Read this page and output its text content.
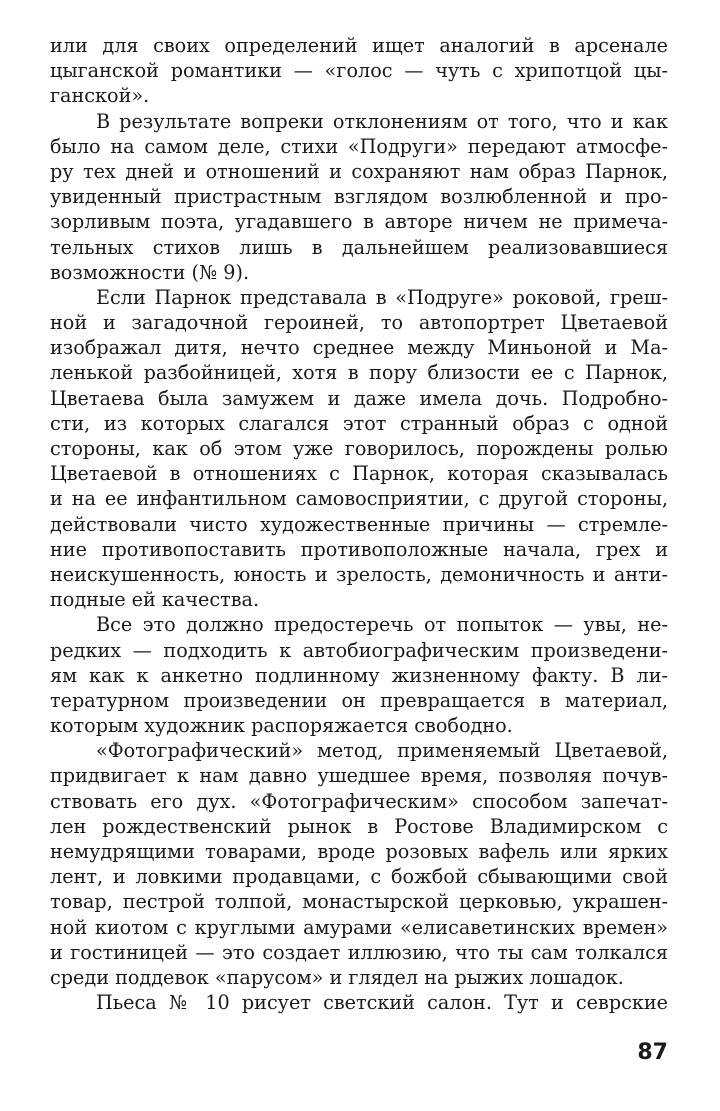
или для своих определений ищет аналогий в арсенале
цыганской романтики — «голос — чуть с хрипотцой цы-
ганской».
В результате вопреки отклонениям от того, что и как
было на самом деле, стихи «Подруги» передают атмосфе-
ру тех дней и отношений и сохраняют нам образ Парнок,
увиденный пристрастным взглядом возлюбленной и про-
зорливым поэта, угадавшего в авторе ничем не примеча-
тельных стихов лишь в дальнейшем реализовавшиеся
возможности (№ 9).
Если Парнок представала в «Подруге» роковой, греш-
ной и загадочной героиней, то автопортрет Цветаевой
изображал дитя, нечто среднее между Миньоной и Ма-
ленькой разбойницей, хотя в пору близости ее с Парнок,
Цветаева была замужем и даже имела дочь. Подробно-
сти, из которых слагался этот странный образ с одной
стороны, как об этом уже говорилось, порождены ролью
Цветаевой в отношениях с Парнок, которая сказывалась
и на ее инфантильном самовосприятии, с другой стороны,
действовали чисто художественные причины — стремле-
ние противопоставить противоположные начала, грех и
неискушенность, юность и зрелость, демоничность и анти-
подные ей качества.
Все это должно предостеречь от попыток — увы, не-
редких — подходить к автобиографическим произведени-
ям как к анкетно подлинному жизненному факту. В ли-
тературном произведении он превращается в материал,
которым художник распоряжается свободно.
«Фотографический» метод, применяемый Цветаевой,
придвигает к нам давно ушедшее время, позволяя почув-
ствовать его дух. «Фотографическим» способом запечат-
лен рождественский рынок в Ростове Владимирском с
немудрящими товарами, вроде розовых вафель или ярких
лент, и ловкими продавцами, с божбой сбывающими свой
товар, пестрой толпой, монастырской церковью, украшен-
ной киотом с круглыми амурами «елисаветинских времен»
и гостиницей — это создает иллюзию, что ты сам толкался
среди поддевок «парусом» и глядел на рыжих лошадок.
Пьеса № 10 рисует светский салон. Тут и севрские
87
